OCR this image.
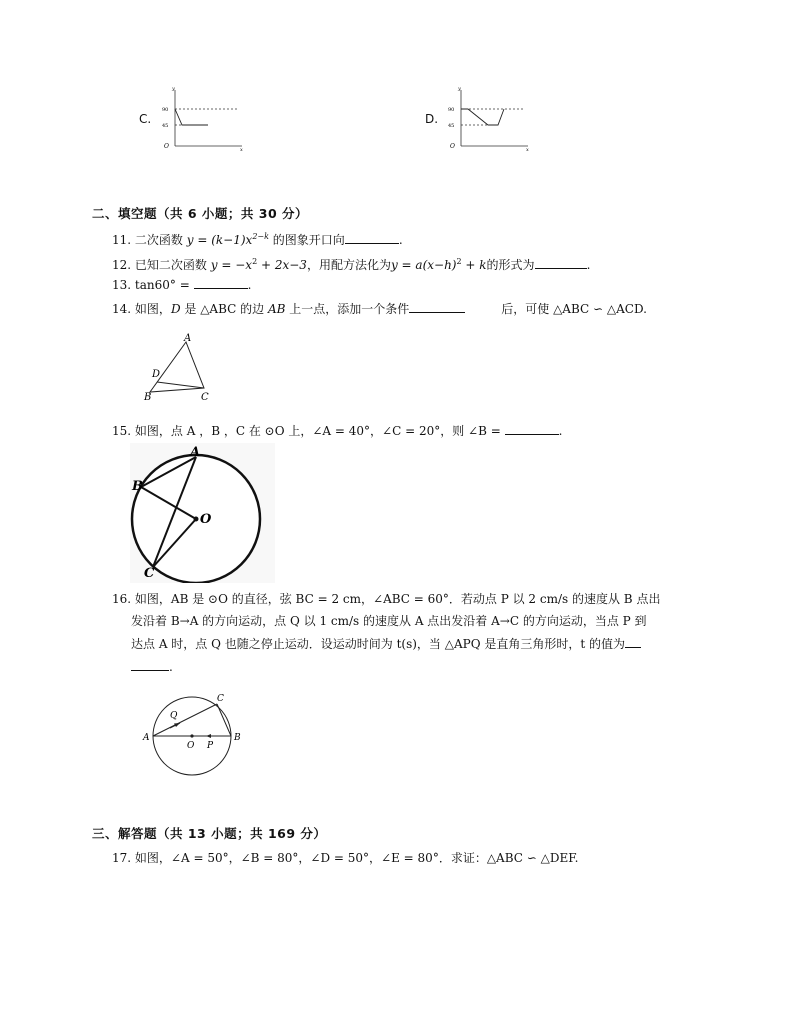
C.
y
x
O
90
45	D.
y
x
O
90
45
二、填空题（共 6 小题；共 30 分）
11. 二次函数 $y = (k-1)x^{2-k}$ 的图象开口向	.
12. 已知二次函数 $y = -x^2 + 2x-3$，用配方法化为$y = a(x-h)^2 + k$的形式为	.
13. tan60° =	.
14. 如图，D 是 △ABC 的边 AB 上一点，添加一个条件	后，可使 △ABC ∽ △ACD.
A
B	C
D
15. 如图，点 A ，B ，C 在 ⊙O 上，∠A = 40°，∠C = 20°，则 ∠B =	.
A
B
C
O
16. 如图，AB 是 ⊙O 的直径，弦 BC = 2 cm，∠ABC = 60°．若动点 P 以 2 cm/s 的速度从 B 点出
发沿着 B→A 的方向运动，点 Q 以 1 cm/s 的速度从 A 点出发沿着 A→C 的方向运动，当点 P 到
达点 A 时，点 Q 也随之停止运动．设运动时间为 t(s)，当 △APQ 是直角三角形时，t 的值为
.
A	B
C
O P
Q
三、解答题（共 13 小题；共 169 分）
17. 如图，∠A = 50°，∠B = 80°，∠D = 50°，∠E = 80°．求证：△ABC ∽ △DEF.
